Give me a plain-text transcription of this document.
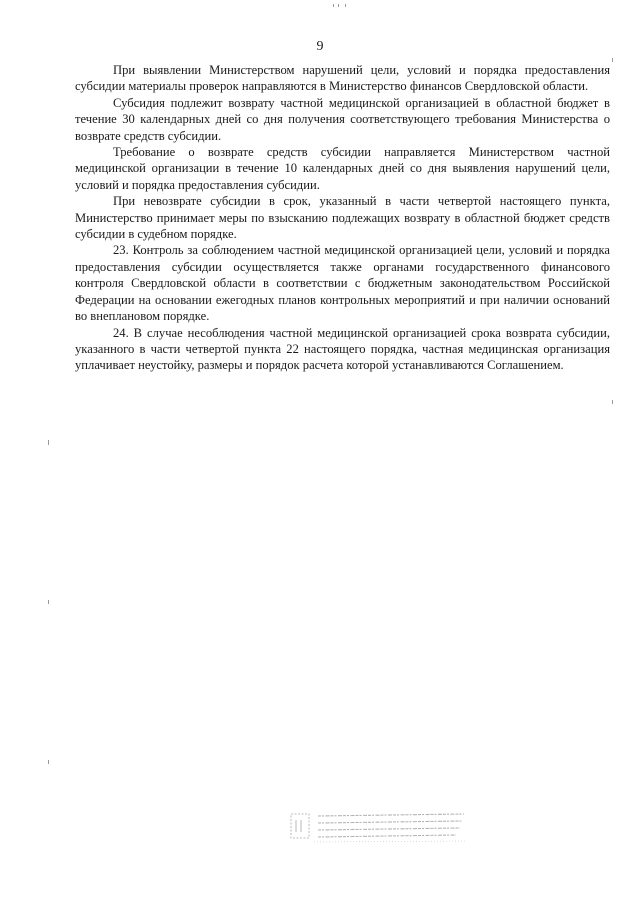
9

При выявлении Министерством нарушений цели, условий и порядка предоставления субсидии материалы проверок направляются в Министерство финансов Свердловской области.

Субсидия подлежит возврату частной медицинской организацией в областной бюджет в течение 30 календарных дней со дня получения соответствующего требования Министерства о возврате средств субсидии.

Требование о возврате средств субсидии направляется Министерством частной медицинской организации в течение 10 календарных дней со дня выявления нарушений цели, условий и порядка предоставления субсидии.

При невозврате субсидии в срок, указанный в части четвертой настоящего пункта, Министерство принимает меры по взысканию подлежащих возврату в областной бюджет средств субсидии в судебном порядке.

23. Контроль за соблюдением частной медицинской организацией цели, условий и порядка предоставления субсидии осуществляется также органами государственного финансового контроля Свердловской области в соответствии с бюджетным законодательством Российской Федерации на основании ежегодных планов контрольных мероприятий и при наличии оснований во внеплановом порядке.

24. В случае несоблюдения частной медицинской организацией срока возврата субсидии, указанного в части четвертой пункта 22 настоящего порядка, частная медицинская организация уплачивает неустойку, размеры и порядок расчета которой устанавливаются Соглашением.
